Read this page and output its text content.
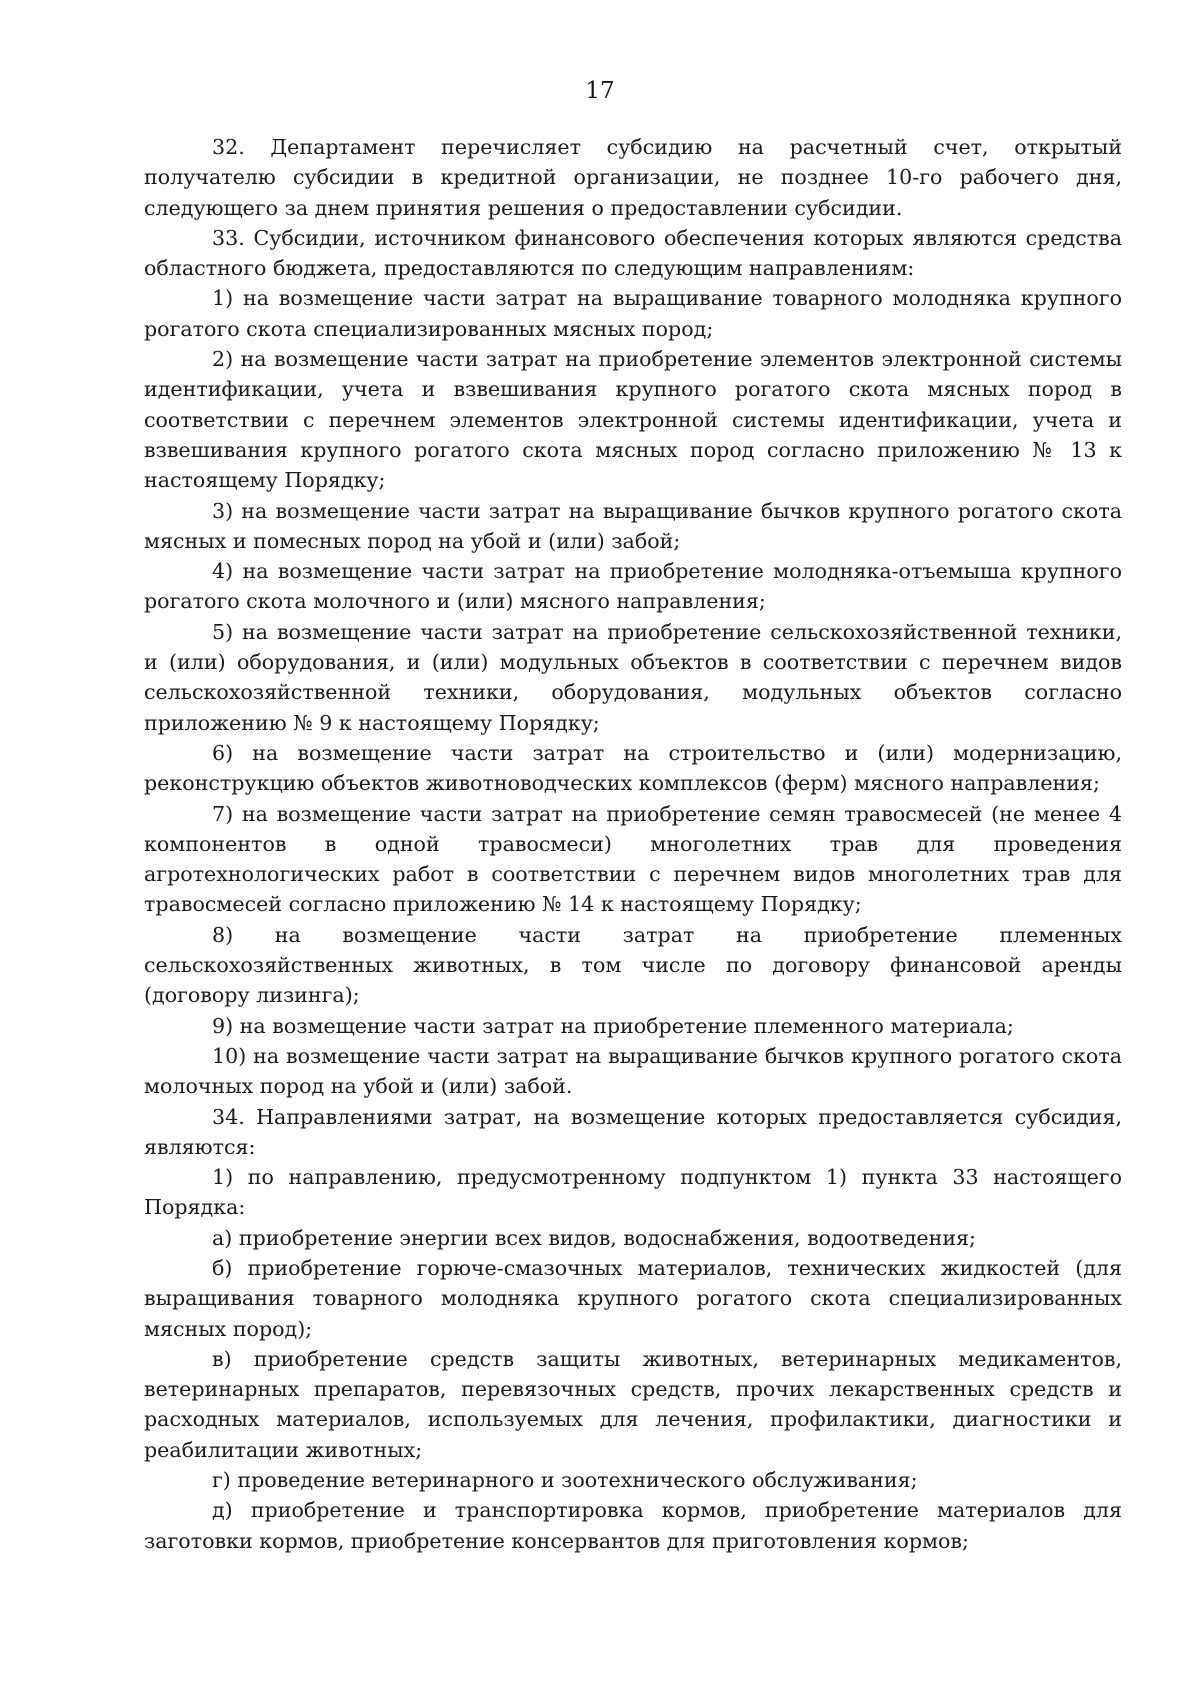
17

32. Департамент перечисляет субсидию на расчетный счет, открытый получателю субсидии в кредитной организации, не позднее 10-го рабочего дня, следующего за днем принятия решения о предоставлении субсидии.

33. Субсидии, источником финансового обеспечения которых являются средства областного бюджета, предоставляются по следующим направлениям:

1) на возмещение части затрат на выращивание товарного молодняка крупного рогатого скота специализированных мясных пород;

2) на возмещение части затрат на приобретение элементов электронной системы идентификации, учета и взвешивания крупного рогатого скота мясных пород в соответствии с перечнем элементов электронной системы идентификации, учета и взвешивания крупного рогатого скота мясных пород согласно приложению № 13 к настоящему Порядку;

3) на возмещение части затрат на выращивание бычков крупного рогатого скота мясных и помесных пород на убой и (или) забой;

4) на возмещение части затрат на приобретение молодняка-отъемыша крупного рогатого скота молочного и (или) мясного направления;

5) на возмещение части затрат на приобретение сельскохозяйственной техники, и (или) оборудования, и (или) модульных объектов в соответствии с перечнем видов сельскохозяйственной техники, оборудования, модульных объектов согласно приложению № 9 к настоящему Порядку;

6) на возмещение части затрат на строительство и (или) модернизацию, реконструкцию объектов животноводческих комплексов (ферм) мясного направления;

7) на возмещение части затрат на приобретение семян травосмесей (не менее 4 компонентов в одной травосмеси) многолетних трав для проведения агротехнологических работ в соответствии с перечнем видов многолетних трав для травосмесей согласно приложению № 14 к настоящему Порядку;

8) на возмещение части затрат на приобретение племенных сельскохозяйственных животных, в том числе по договору финансовой аренды (договору лизинга);

9) на возмещение части затрат на приобретение племенного материала;

10) на возмещение части затрат на выращивание бычков крупного рогатого скота молочных пород на убой и (или) забой.

34. Направлениями затрат, на возмещение которых предоставляется субсидия, являются:

1) по направлению, предусмотренному подпунктом 1) пункта 33 настоящего Порядка:

а) приобретение энергии всех видов, водоснабжения, водоотведения;

б) приобретение горюче-смазочных материалов, технических жидкостей (для выращивания товарного молодняка крупного рогатого скота специализированных мясных пород);

в) приобретение средств защиты животных, ветеринарных медикаментов, ветеринарных препаратов, перевязочных средств, прочих лекарственных средств и расходных материалов, используемых для лечения, профилактики, диагностики и реабилитации животных;

г) проведение ветеринарного и зоотехнического обслуживания;

д) приобретение и транспортировка кормов, приобретение материалов для заготовки кормов, приобретение консервантов для приготовления кормов;
